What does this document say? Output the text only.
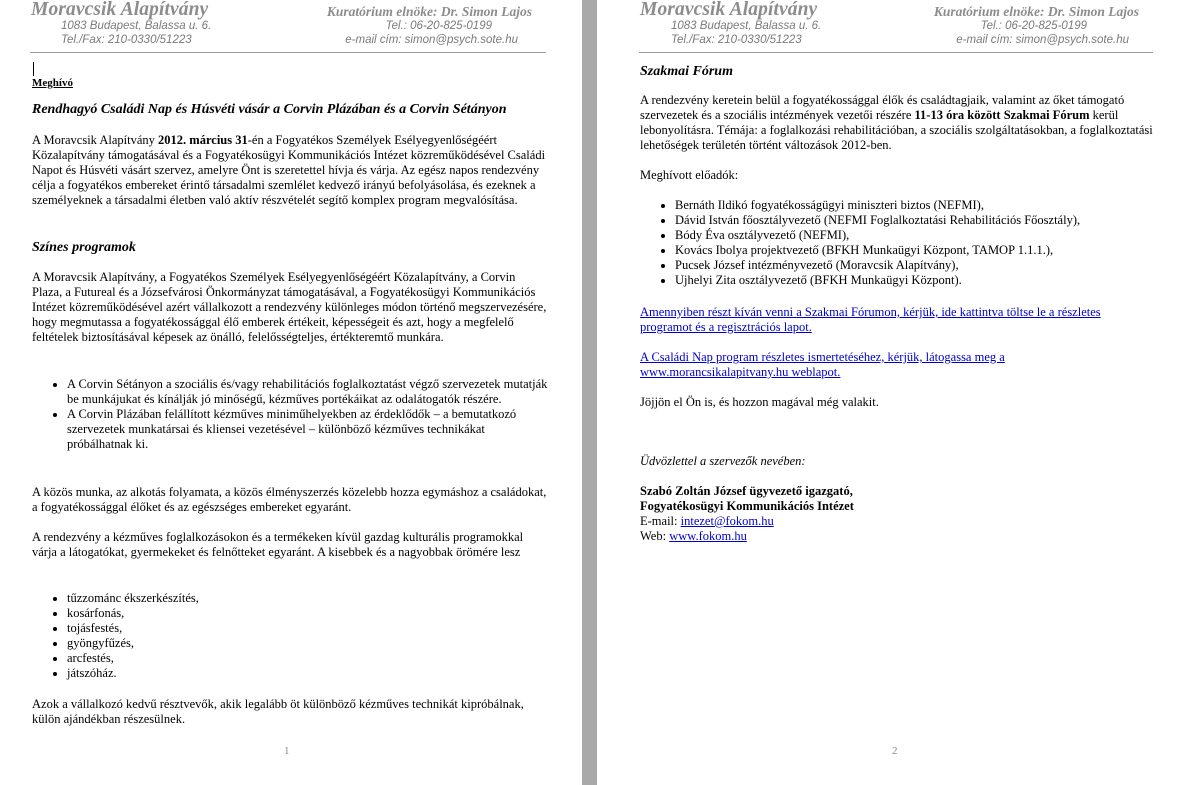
Moravcsik Alapítvány	Kuratórium elnöke: Dr. Simon Lajos
1083 Budapest, Balassa u. 6.
Tel./Fax: 210-0330/51223
Tel.: 06-20-825-0199
e-mail cím: simon@psych.sote.hu
Meghívó

Rendhagyó Családi Nap és Húsvéti vásár a Corvin Plázában és a Corvin Sétányon

A Moravcsik Alapítvány 2012. március 31-én a Fogyatékos Személyek Esélyegyenlőségéért Közalapítvány támogatásával és a Fogyatékosügyi Kommunikációs Intézet közreműködésével Családi Napot és Húsvéti vásárt szervez, amelyre Önt is szeretettel hívja és várja. Az egész napos rendezvény célja a fogyatékos embereket érintő társadalmi szemlélet kedvező irányú befolyásolása, és ezeknek a személyeknek a társadalmi életben való aktív részvételét segítő komplex program megvalósítása.

Színes programok

A Moravcsik Alapítvány, a Fogyatékos Személyek Esélyegyenlőségéért Közalapítvány, a Corvin Plaza, a Futureal és a Józsefvárosi Önkormányzat támogatásával, a Fogyatékosügyi Kommunikációs Intézet közreműködésével azért vállalkozott a rendezvény különleges módon történő megszervezésére, hogy megmutassa a fogyatékossággal élő emberek értékeit, képességeit és azt, hogy a megfelelő feltételek biztosításával képesek az önálló, felelősségteljes, értékteremtő munkára.

• A Corvin Sétányon a szociális és/vagy rehabilitációs foglalkoztatást végző szervezetek mutatják be munkájukat és kínálják jó minőségű, kézműves portékáikat az odalátogatók részére.
• A Corvin Plázában felállított kézműves miniműhelyekben az érdeklődők – a bemutatkozó szervezetek munkatársai és kliensei vezetésével – különböző kézműves technikákat próbálhatnak ki.

A közös munka, az alkotás folyamata, a közös élményszerzés közelebb hozza egymáshoz a családokat, a fogyatékossággal élőket és az egészséges embereket egyaránt.

A rendezvény a kézműves foglalkozásokon és a termékeken kívül gazdag kulturális programokkal várja a látogatókat, gyermekeket és felnőtteket egyaránt. A kisebbek és a nagyobbak örömére lesz

• tűzzománc ékszerkészítés,
• kosárfonás,
• tojásfestés,
• gyöngyfűzés,
• arcfestés,
• játszóház.

Azok a vállalkozó kedvű résztvevők, akik legalább öt különböző kézműves technikát kipróbálnak, külön ajándékban részesülnek.

1
Moravcsik Alapítvány	Kuratórium elnöke: Dr. Simon Lajos
1083 Budapest, Balassa u. 6.
Tel./Fax: 210-0330/51223
Tel.: 06-20-825-0199
e-mail cím: simon@psych.sote.hu

Szakmai Fórum

A rendezvény keretein belül a fogyatékossággal élők és családtagjaik, valamint az őket támogató szervezetek és a szociális intézmények vezetői részére 11-13 óra között Szakmai Fórum kerül lebonyolításra. Témája: a foglalkozási rehabilitációban, a szociális szolgáltatásokban, a foglalkoztatási lehetőségek területén történt változások 2012-ben.

Meghívott előadók:

• Bernáth Ildikó fogyatékosságügyi miniszteri biztos (NEFMI),
• Dávid István főosztályvezető (NEFMI Foglalkoztatási Rehabilitációs Főosztály),
• Bódy Éva osztályvezető (NEFMI),
• Kovács Ibolya projektvezető (BFKH Munkaügyi Központ, TAMOP 1.1.1.),
• Pucsek József intézményvezető (Moravcsik Alapítvány),
• Ujhelyi Zita osztályvezető (BFKH Munkaügyi Központ).
Amennyiben részt kíván venni a Szakmai Fórumon, kérjük, ide kattintva töltse le a részletes programot és a regisztrációs lapot.
A Családi Nap program részletes ismertetéséhez, kérjük, látogassa meg a www.morancsikalapitvany.hu weblapot.

Jöjjön el Ön is, és hozzon magával még valakit.

Üdvözlettel a szervezők nevében:

Szabó Zoltán József ügyvezető igazgató,

Fogyatékosügyi Kommunikációs Intézet

E-mail: intezet@fokom.hu

Web: www.fokom.hu

2
